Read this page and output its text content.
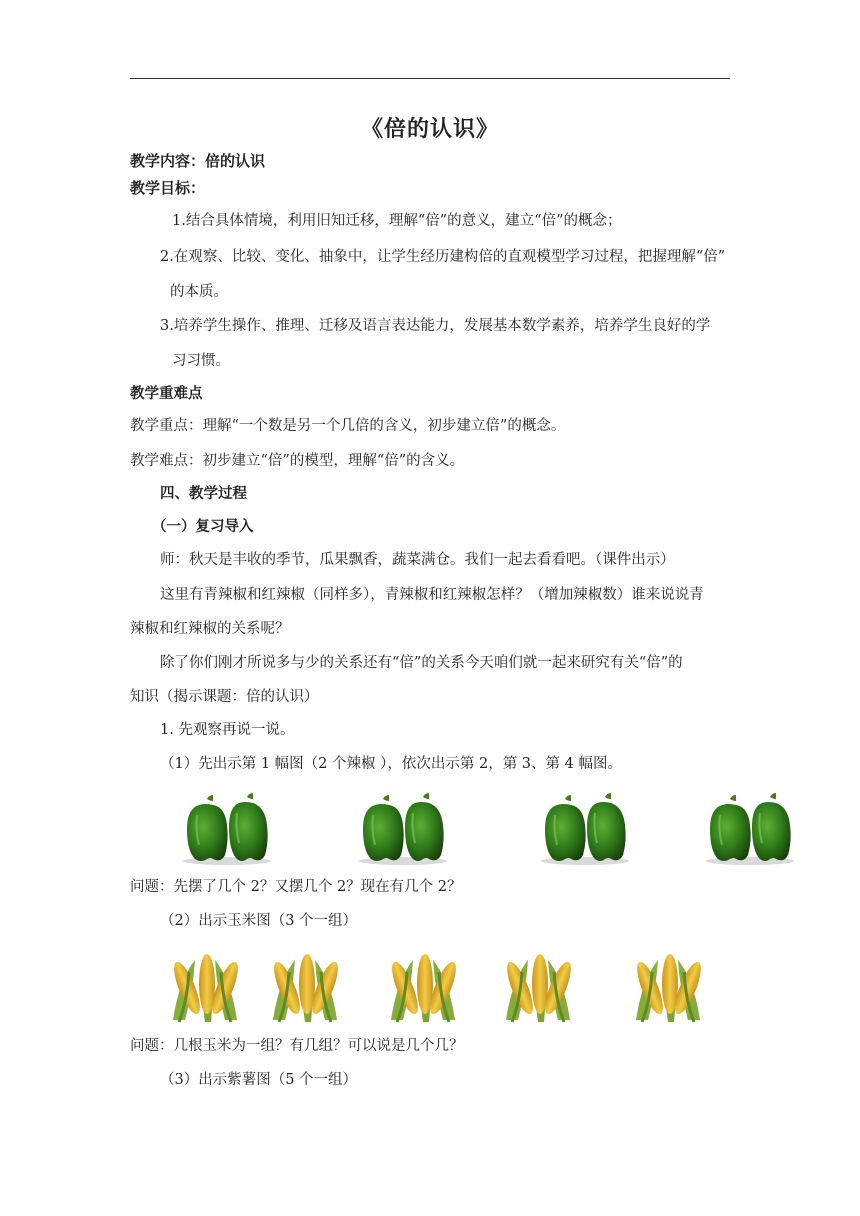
《倍的认识》
教学内容：倍的认识
教学目标：
1.结合具体情境，利用旧知迁移，理解“倍”的意义，建立“倍”的概念；
2.在观察、比较、变化、抽象中，让学生经历建构倍的直观模型学习过程，把握理解“倍”
的本质。
3.培养学生操作、推理、迁移及语言表达能力，发展基本数学素养，培养学生良好的学
习习惯。
教学重难点
教学重点：理解“一个数是另一个几倍的含义，初步建立倍”的概念。
教学难点：初步建立“倍”的模型，理解“倍”的含义。
四、教学过程
（一）复习导入
师：秋天是丰收的季节，瓜果飘香，蔬菜满仓。我们一起去看看吧。（课件出示）
这里有青辣椒和红辣椒（同样多），青辣椒和红辣椒怎样？（增加辣椒数）谁来说说青
辣椒和红辣椒的关系呢？
除了你们刚才所说多与少的关系还有“倍”的关系今天咱们就一起来研究有关“倍”的
知识（揭示课题：倍的认识）
1. 先观察再说一说。
（1）先出示第 1 幅图（2 个辣椒 ），依次出示第 2，第 3、第 4 幅图。
问题：先摆了几个 2？又摆几个 2？现在有几个 2？
（2）出示玉米图（3 个一组）
问题：几根玉米为一组？有几组？可以说是几个几？
（3）出示紫薯图（5 个一组）
